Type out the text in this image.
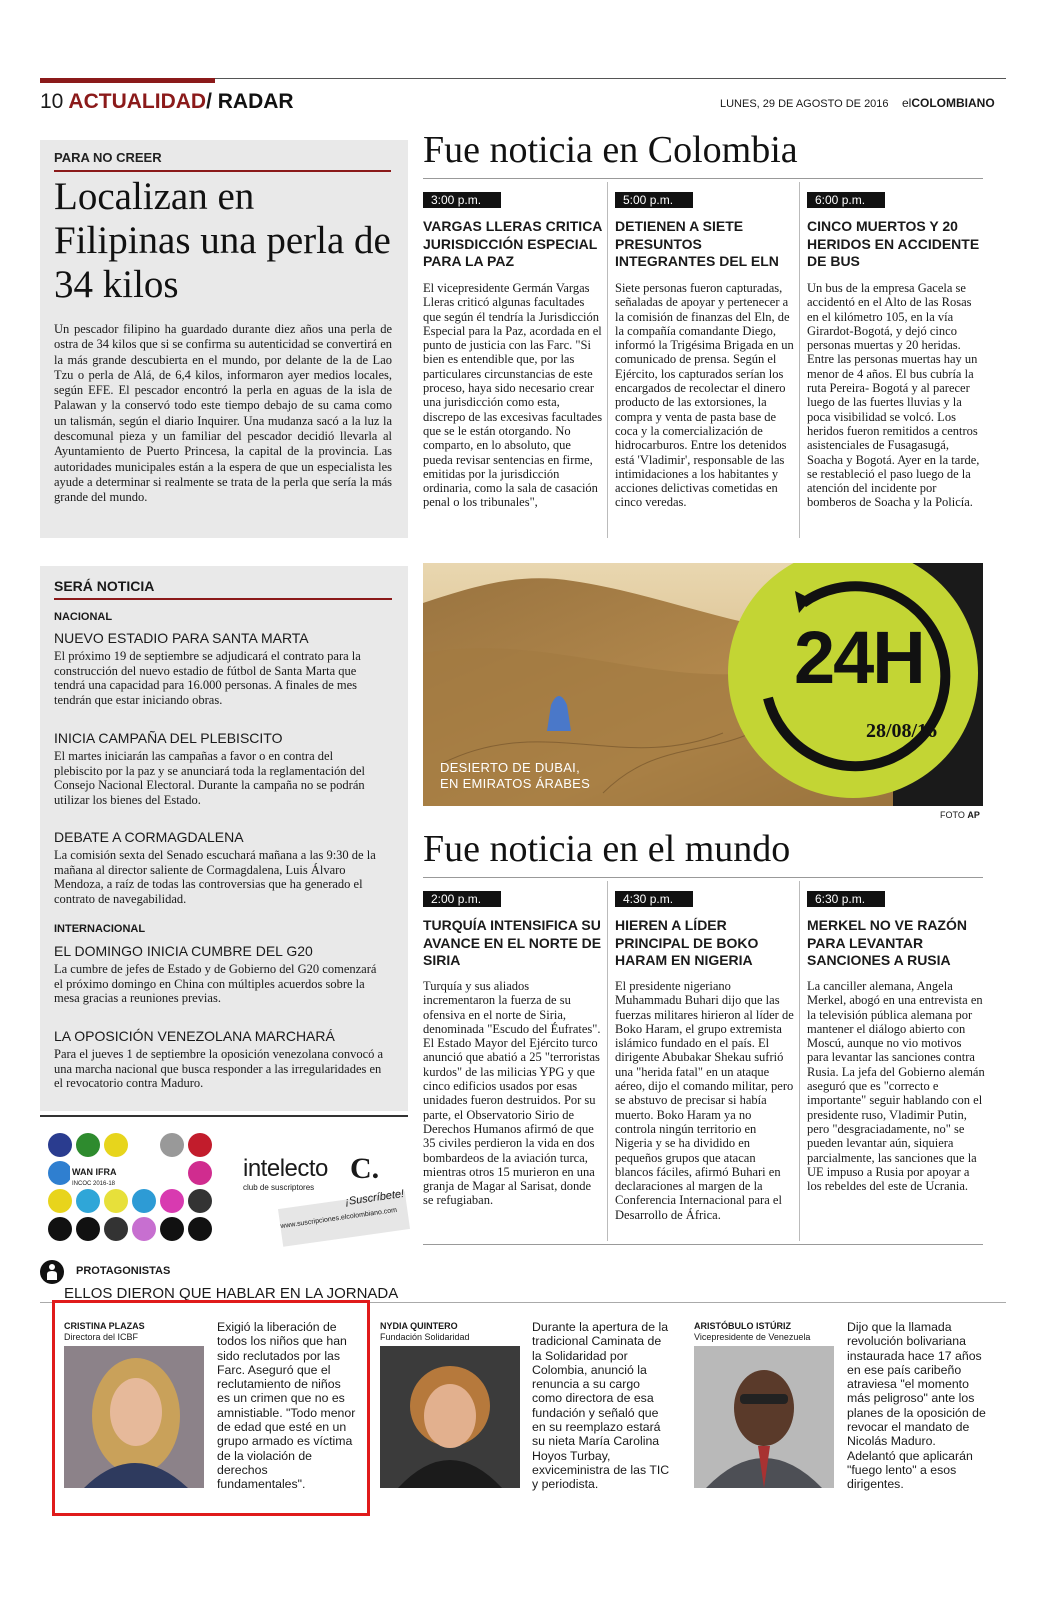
10 ACTUALIDAD/ RADAR	LUNES, 29 DE AGOSTO DE 2016 elCOLOMBIANO
PARA NO CREER
Localizan en Filipinas una perla de 34 kilos

Un pescador filipino ha guardado durante diez años una perla de ostra de 34 kilos que si se confirma su autenticidad se convertirá en la más grande descubierta en el mundo, por delante de la de Lao Tzu o perla de Alá, de 6,4 kilos, informaron ayer medios locales, según EFE. El pescador encontró la perla en aguas de la isla de Palawan y la conservó todo este tiempo debajo de su cama como un talismán, según el diario Inquirer. Una mudanza sacó a la luz la descomunal pieza y un familiar del pescador decidió llevarla al Ayuntamiento de Puerto Princesa, la capital de la provincia. Las autoridades municipales están a la espera de que un especialista les ayude a determinar si realmente se trata de la perla que sería la más grande del mundo.

SERÁ NOTICIA
NACIONAL
NUEVO ESTADIO PARA SANTA MARTA

El próximo 19 de septiembre se adjudicará el contrato para la construcción del nuevo estadio de fútbol de Santa Marta que tendrá una capacidad para 16.000 personas. A finales de mes tendrán que estar iniciando obras.

INICIA CAMPAÑA DEL PLEBISCITO

El martes iniciarán las campañas a favor o en contra del plebiscito por la paz y se anunciará toda la reglamentación del Consejo Nacional Electoral. Durante la campaña no se podrán utilizar los bienes del Estado.

DEBATE A CORMAGDALENA

La comisión sexta del Senado escuchará mañana a las 9:30 de la mañana al director saliente de Cormagdalena, Luis Álvaro Mendoza, a raíz de todas las controversias que ha generado el contrato de navegabilidad.

INTERNACIONAL
EL DOMINGO INICIA CUMBRE DEL G20

La cumbre de jefes de Estado y de Gobierno del G20 comenzará el próximo domingo en China con múltiples acuerdos sobre la mesa gracias a reuniones previas.

LA OPOSICIÓN VENEZOLANA MARCHARÁ

Para el jueves 1 de septiembre la oposición venezolana convocó a una marcha nacional que busca responder a las irregularidades en el revocatorio contra Maduro.

WAN IFRA
INCOC 2016-18
intelecto C.
club de suscriptores
¡Suscríbete!
www.suscripciones.elcolombiano.com
Fue noticia en Colombia
3:00 p.m.
VARGAS LLERAS CRITICA JURISDICCIÓN ESPECIAL PARA LA PAZ

El vicepresidente Germán Vargas Lleras criticó algunas facultades que según él tendría la Jurisdicción Especial para la Paz, acordada en el punto de justicia con las Farc. "Si bien es entendible que, por las particulares circunstancias de este proceso, haya sido necesario crear una jurisdicción como esta, discrepo de las excesivas facultades que se le están otorgando. No comparto, en lo absoluto, que pueda revisar sentencias en firme, emitidas por la jurisdicción ordinaria, como la sala de casación penal o los tribunales",

5:00 p.m.
DETIENEN A SIETE PRESUNTOS INTEGRANTES DEL ELN

Siete personas fueron capturadas, señaladas de apoyar y pertenecer a la comisión de finanzas del Eln, de la compañía comandante Diego, informó la Trigésima Brigada en un comunicado de prensa. Según el Ejército, los capturados serían los encargados de recolectar el dinero producto de las extorsiones, la compra y venta de pasta base de coca y la comercialización de hidrocarburos. Entre los detenidos está 'Vladimir', responsable de las intimidaciones a los habitantes y acciones delictivas cometidas en cinco veredas.

6:00 p.m.
CINCO MUERTOS Y 20 HERIDOS EN ACCIDENTE DE BUS

Un bus de la empresa Gacela se accidentó en el Alto de las Rosas en el kilómetro 105, en la vía Girardot-Bogotá, y dejó cinco personas muertas y 20 heridas. Entre las personas muertas hay un menor de 4 años. El bus cubría la ruta Pereira- Bogotá y al parecer luego de las fuertes lluvias y la poca visibilidad se volcó. Los heridos fueron remitidos a centros asistenciales de Fusagasugá, Soacha y Bogotá. Ayer en la tarde, se restableció el paso luego de la atención del incidente por bomberos de Soacha y la Policía.

24H
28/08/16
DESIERTO DE DUBAI,
EN EMIRATOS ÁRABES
FOTO AP
Fue noticia en el mundo
2:00 p.m.
TURQUÍA INTENSIFICA SU AVANCE EN EL NORTE DE SIRIA

Turquía y sus aliados incrementaron la fuerza de su ofensiva en el norte de Siria, denominada "Escudo del Éufrates". El Estado Mayor del Ejército turco anunció que abatió a 25 "terroristas kurdos" de las milicias YPG y que cinco edificios usados por esas unidades fueron destruidos. Por su parte, el Observatorio Sirio de Derechos Humanos afirmó de que 35 civiles perdieron la vida en dos bombardeos de la aviación turca, mientras otros 15 murieron en una granja de Magar al Sarisat, donde se refugiaban.

4:30 p.m.
HIEREN A LÍDER PRINCIPAL DE BOKO HARAM EN NIGERIA

El presidente nigeriano Muhammadu Buhari dijo que las fuerzas militares hirieron al líder de Boko Haram, el grupo extremista islámico fundado en el país. El dirigente Abubakar Shekau sufrió una "herida fatal" en un ataque aéreo, dijo el comando militar, pero se abstuvo de precisar si había muerto. Boko Haram ya no controla ningún territorio en Nigeria y se ha dividido en pequeños grupos que atacan blancos fáciles, afirmó Buhari en declaraciones al margen de la Conferencia Internacional para el Desarrollo de África.

6:30 p.m.
MERKEL NO VE RAZÓN PARA LEVANTAR SANCIONES A RUSIA

La canciller alemana, Angela Merkel, abogó en una entrevista en la televisión pública alemana por mantener el diálogo abierto con Moscú, aunque no vio motivos para levantar las sanciones contra Rusia. La jefa del Gobierno alemán aseguró que es "correcto e importante" seguir hablando con el presidente ruso, Vladimir Putin, pero "desgraciadamente, no" se pueden levantar aún, siquiera parcialmente, las sanciones que la UE impuso a Rusia por apoyar a los rebeldes del este de Ucrania.

PROTAGONISTAS
ELLOS DIERON QUE HABLAR EN LA JORNADA
CRISTINA PLAZAS
Directora del ICBF

Exigió la liberación de todos los niños que han sido reclutados por las Farc. Aseguró que el reclutamiento de niños es un crimen que no es amnistiable. "Todo menor de edad que esté en un grupo armado es víctima de la violación de derechos fundamentales".

NYDIA QUINTERO
Fundación Solidaridad

Durante la apertura de la tradicional Caminata de la Solidaridad por Colombia, anunció la renuncia a su cargo como directora de esa fundación y señaló que en su reemplazo estará su nieta María Carolina Hoyos Turbay, exviceministra de las TIC y periodista.

ARISTÓBULO ISTÚRIZ
Vicepresidente de Venezuela

Dijo que la llamada revolución bolivariana instaurada hace 17 años en ese país caribeño atraviesa "el momento más peligroso" ante los planes de la oposición de revocar el mandato de Nicolás Maduro. Adelantó que aplicarán "fuego lento" a esos dirigentes.
